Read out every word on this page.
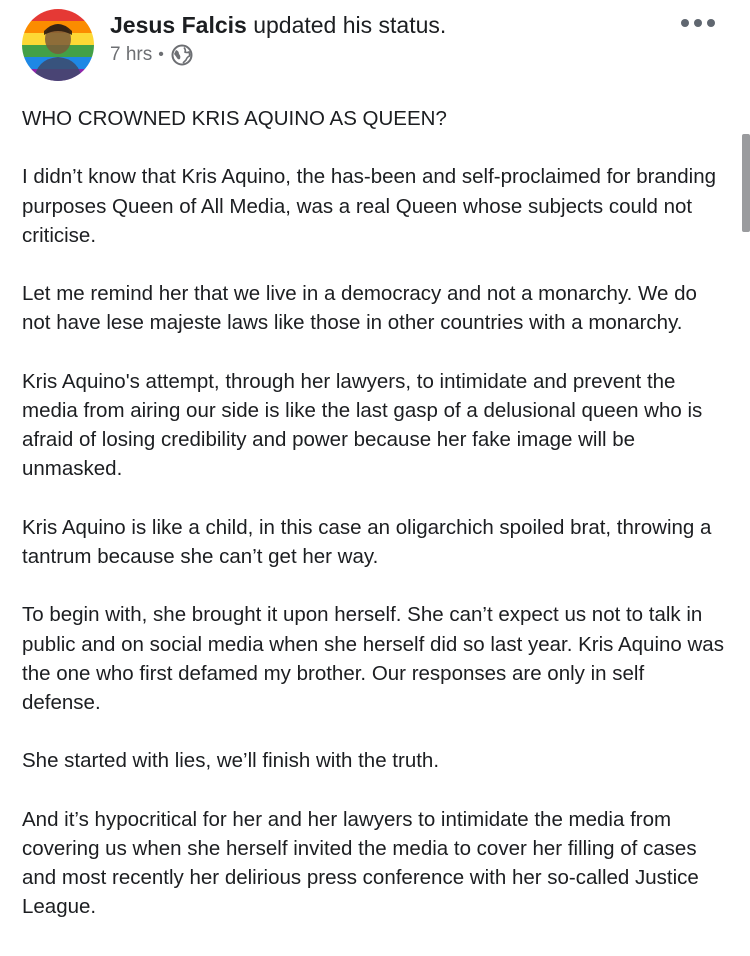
Jesus Falcis updated his status.
7 hrs •

WHO CROWNED KRIS AQUINO AS QUEEN?

I didn’t know that Kris Aquino, the has-been and self-proclaimed for branding purposes Queen of All Media, was a real Queen whose subjects could not criticise.

Let me remind her that we live in a democracy and not a monarchy. We do not have lese majeste laws like those in other countries with a monarchy.

Kris Aquino's attempt, through her lawyers, to intimidate and prevent the media from airing our side is like the last gasp of a delusional queen who is afraid of losing credibility and power because her fake image will be unmasked.

Kris Aquino is like a child, in this case an oligarchich spoiled brat, throwing a tantrum because she can’t get her way.

To begin with, she brought it upon herself. She can’t expect us not to talk in public and on social media when she herself did so last year. Kris Aquino was the one who first defamed my brother. Our responses are only in self defense.

She started with lies, we’ll finish with the truth.

And it’s hypocritical for her and her lawyers to intimidate the media from covering us when she herself invited the media to cover her filling of cases and most recently her delirious press conference with her so-called Justice League.
